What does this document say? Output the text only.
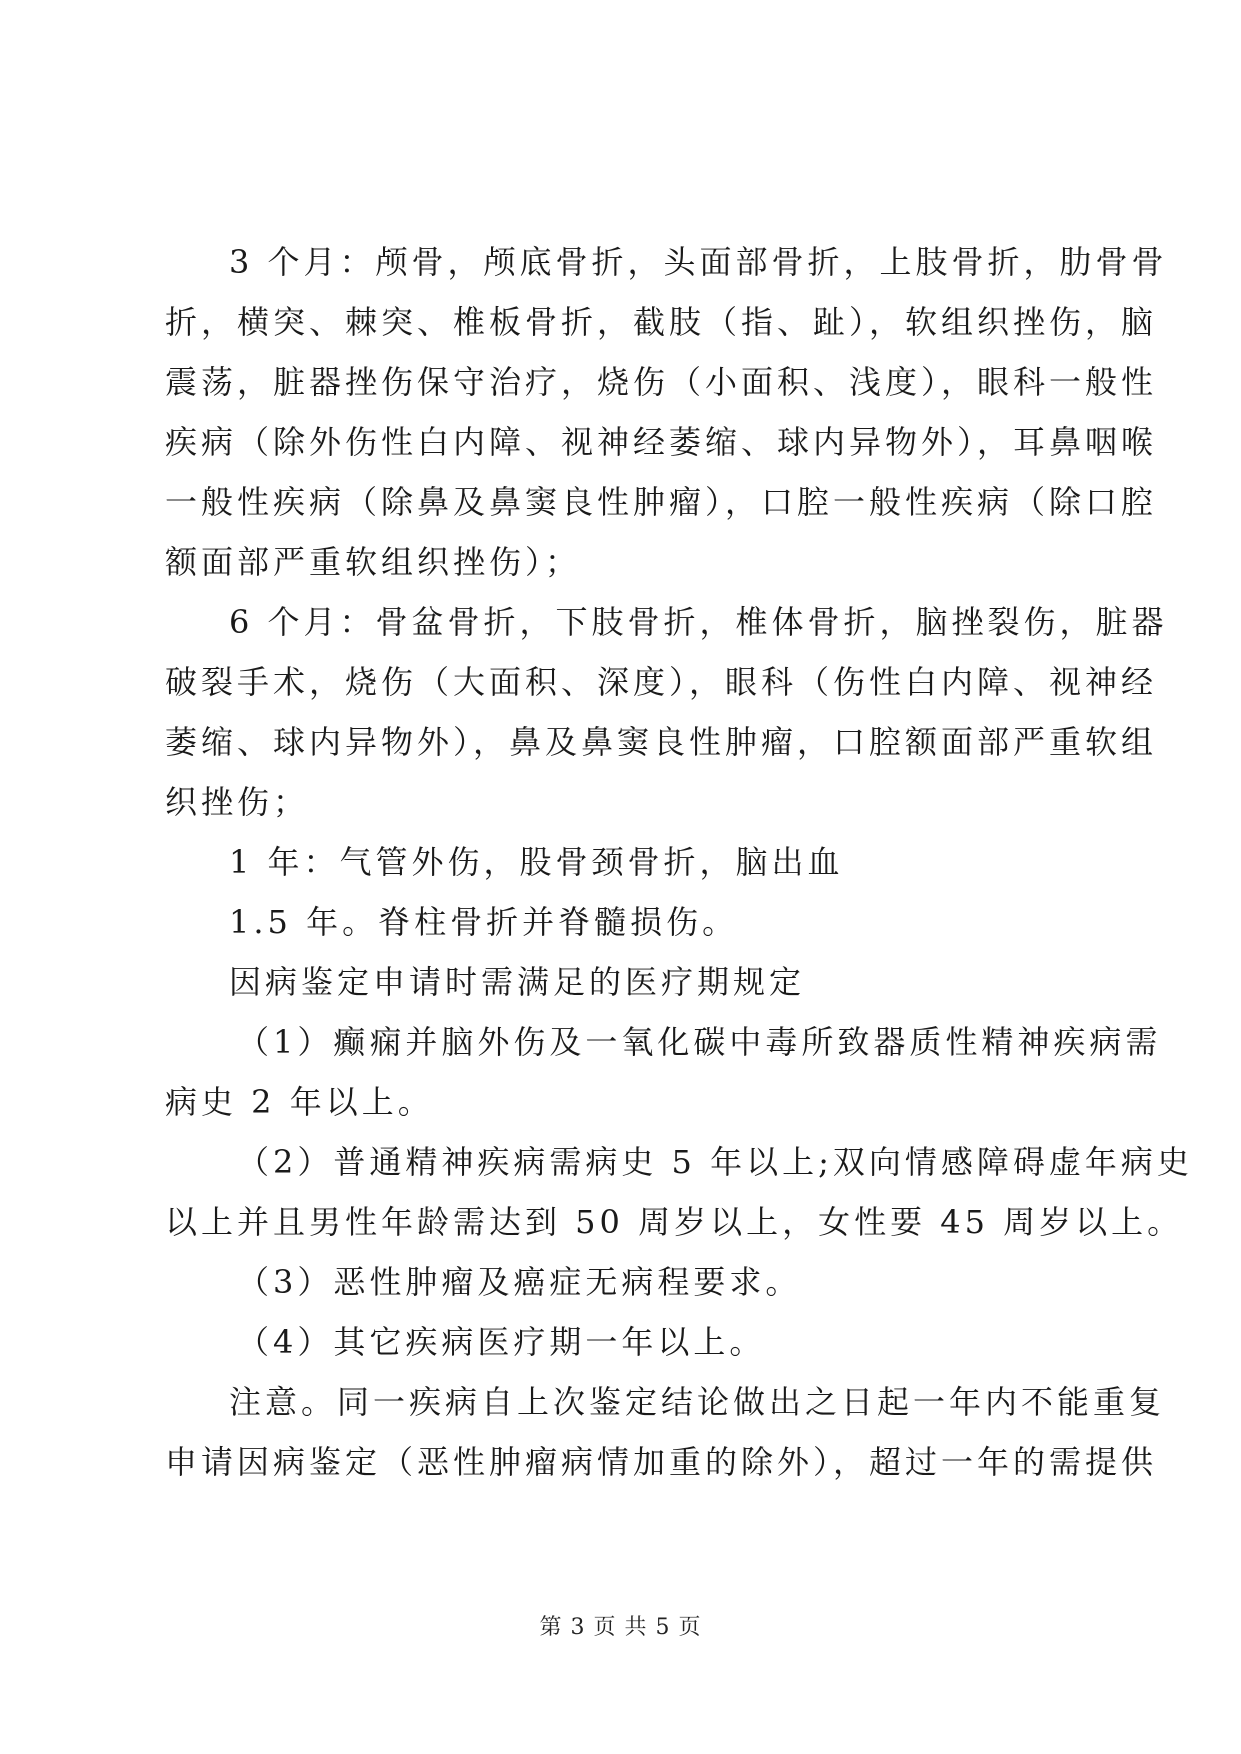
3 个月：颅骨，颅底骨折，头面部骨折，上肢骨折，肋骨骨
折，横突、棘突、椎板骨折，截肢（指、趾），软组织挫伤，脑
震荡，脏器挫伤保守治疗，烧伤（小面积、浅度），眼科一般性
疾病（除外伤性白内障、视神经萎缩、球内异物外），耳鼻咽喉
一般性疾病（除鼻及鼻窦良性肿瘤），口腔一般性疾病（除口腔
额面部严重软组织挫伤）；
6 个月：骨盆骨折，下肢骨折，椎体骨折，脑挫裂伤，脏器
破裂手术，烧伤（大面积、深度），眼科（伤性白内障、视神经
萎缩、球内异物外），鼻及鼻窦良性肿瘤，口腔额面部严重软组
织挫伤；
1 年：气管外伤，股骨颈骨折，脑出血
1.5 年。脊柱骨折并脊髓损伤。
因病鉴定申请时需满足的医疗期规定
（1）癫痫并脑外伤及一氧化碳中毒所致器质性精神疾病需
病史 2 年以上。
（2）普通精神疾病需病史 5 年以上;双向情感障碍虚年病史
以上并且男性年龄需达到 50 周岁以上，女性要 45 周岁以上。
（3）恶性肿瘤及癌症无病程要求。
（4）其它疾病医疗期一年以上。
注意。同一疾病自上次鉴定结论做出之日起一年内不能重复
申请因病鉴定（恶性肿瘤病情加重的除外），超过一年的需提供
第 3 页 共 5 页
